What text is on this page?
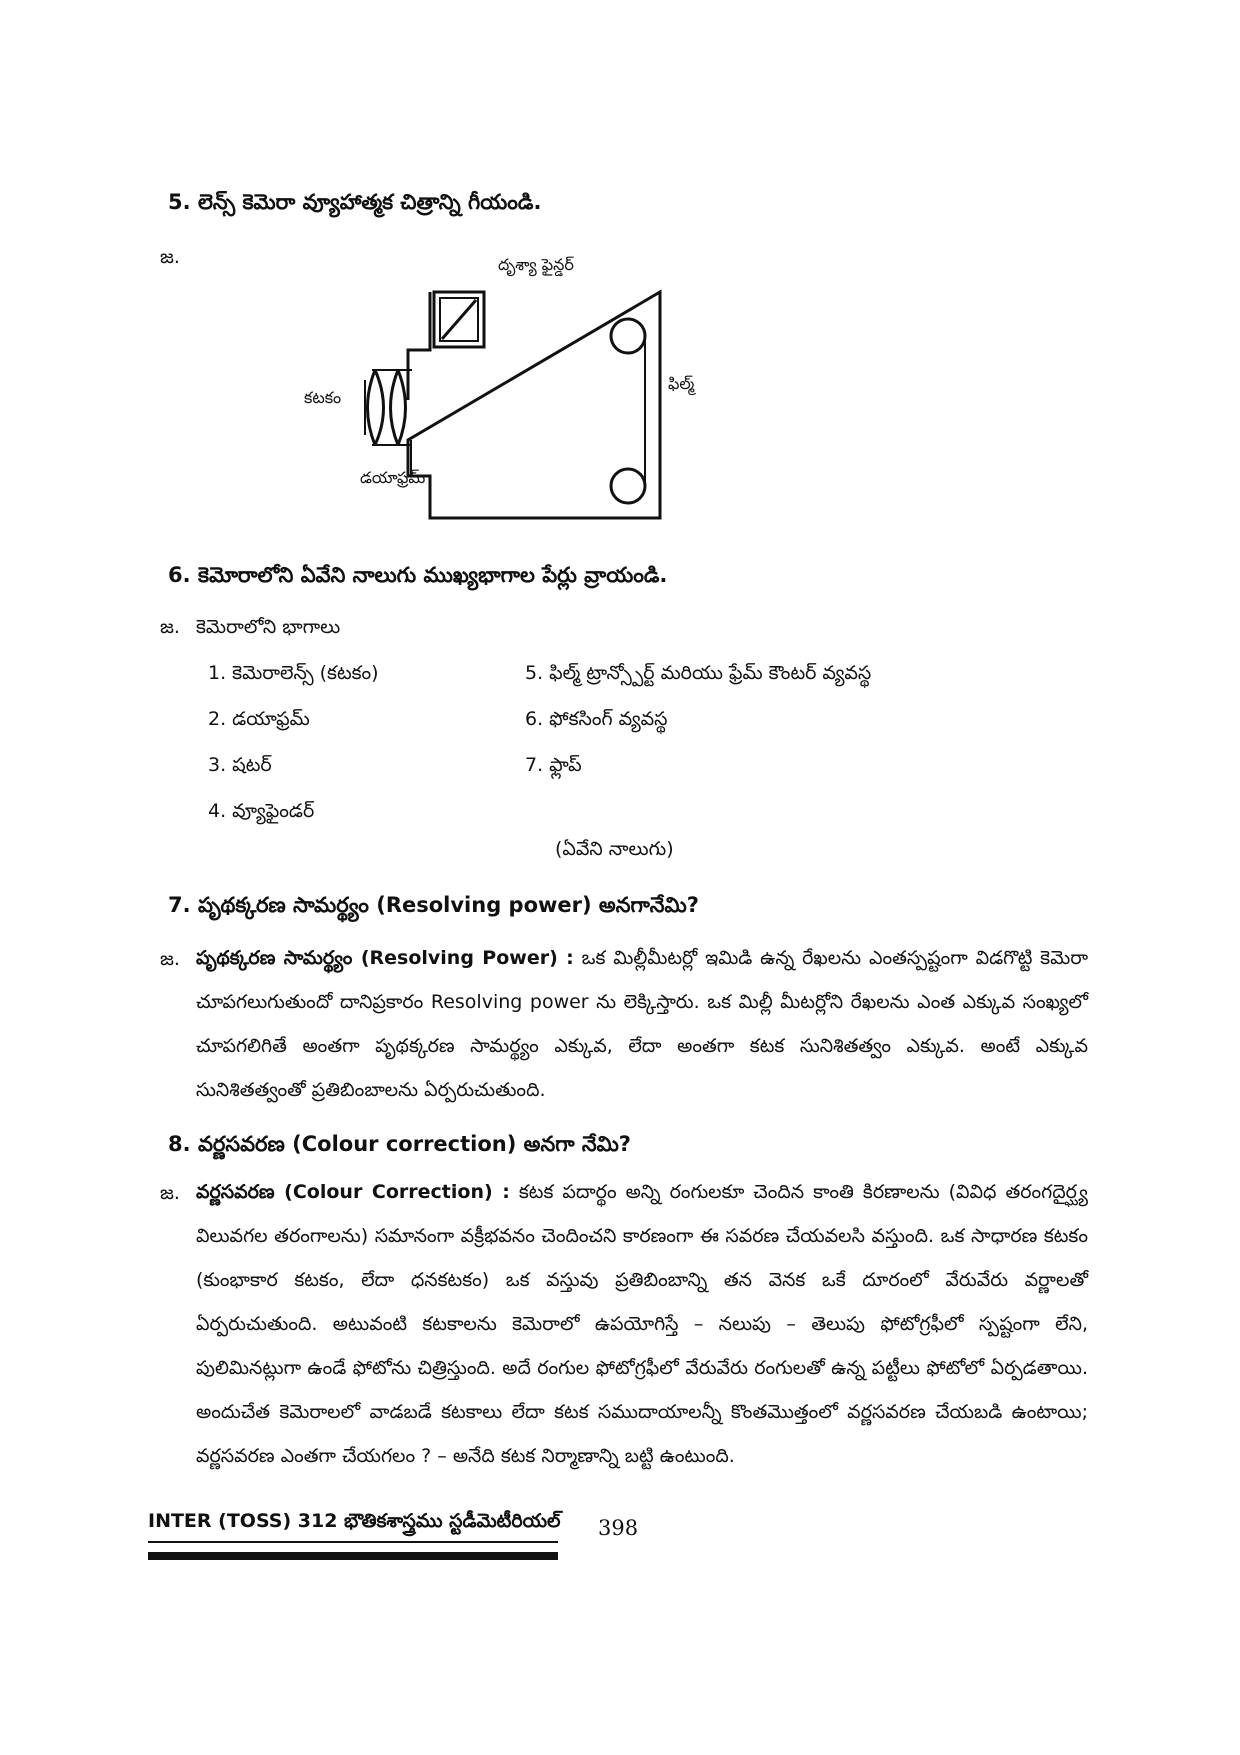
5. లెన్స్ కెమెరా వ్యూహాత్మక చిత్రాన్ని గీయండి.
జ.	దృశ్యా ఫైన్డర్
ఫిల్మ్
కటకం
డయాఫ్రమ్
6. కెమోరాలోని ఏవేని నాలుగు ముఖ్యభాగాల పేర్లు వ్రాయండి.
జ. కెమెరాలోని భాగాలు
1. కెమెరాలెన్స్ (కటకం)
2. డయాఫ్రమ్
3. షటర్
4. వ్యూఫైండర్
5. ఫిల్మ్ ట్రాన్స్పోర్ట్ మరియు ఫ్రేమ్ కౌంటర్ వ్యవస్థ
6. ఫోకసింగ్ వ్యవస్థ
7. ఫ్లాప్
(ఏవేని నాలుగు)
7. పృథక్కరణ సామర్థ్యం (Resolving power) అనగానేమి?
జ. పృథక్కరణ సామర్థ్యం (Resolving Power) : ఒక మిల్లీమీటర్లో ఇమిడి ఉన్న రేఖలను ఎంతస్పష్టంగా విడగొట్టి కెమెరా చూపగలుగుతుందో దానిప్రకారం Resolving power ను లెక్కిస్తారు. ఒక మిల్లీ మీటర్లోని రేఖలను ఎంత ఎక్కువ సంఖ్యలో చూపగలిగితే అంతగా పృథక్కరణ సామర్థ్యం ఎక్కువ, లేదా అంతగా కటక సునిశితత్వం ఎక్కువ. అంటే ఎక్కువ సునిశితత్వంతో ప్రతిబింబాలను ఏర్పరుచుతుంది.
8. వర్ణసవరణ (Colour correction) అనగా నేమి?
జ. వర్ణసవరణ (Colour Correction) : కటక పదార్థం అన్ని రంగులకూ చెందిన కాంతి కిరణాలను (వివిధ తరంగదైర్ఘ్య విలువగల తరంగాలను) సమానంగా వక్రీభవనం చెందించని కారణంగా ఈ సవరణ చేయవలసి వస్తుంది. ఒక సాధారణ కటకం (కుంభాకార కటకం, లేదా ధనకటకం) ఒక వస్తువు ప్రతిబింబాన్ని తన వెనక ఒకే దూరంలో వేరువేరు వర్ణాలతో ఏర్పరుచుతుంది. అటువంటి కటకాలను కెమెరాలో ఉపయోగిస్తే – నలుపు – తెలుపు ఫోటోగ్రఫీలో స్పష్టంగా లేని, పులిమినట్లుగా ఉండే ఫోటోను చిత్రిస్తుంది. అదే రంగుల ఫోటోగ్రఫీలో వేరువేరు రంగులతో ఉన్న పట్టీలు ఫోటోలో ఏర్పడతాయి. అందుచేత కెమెరాలలో వాడబడే కటకాలు లేదా కటక సముదాయాలన్నీ కొంతమొత్తంలో వర్ణసవరణ చేయబడి ఉంటాయి; వర్ణసవరణ ఎంతగా చేయగలం ? – అనేది కటక నిర్మాణాన్ని బట్టి ఉంటుంది.
INTER (TOSS) 312 భౌతికశాస్త్రము స్టడీమెటీరియల్ 398
